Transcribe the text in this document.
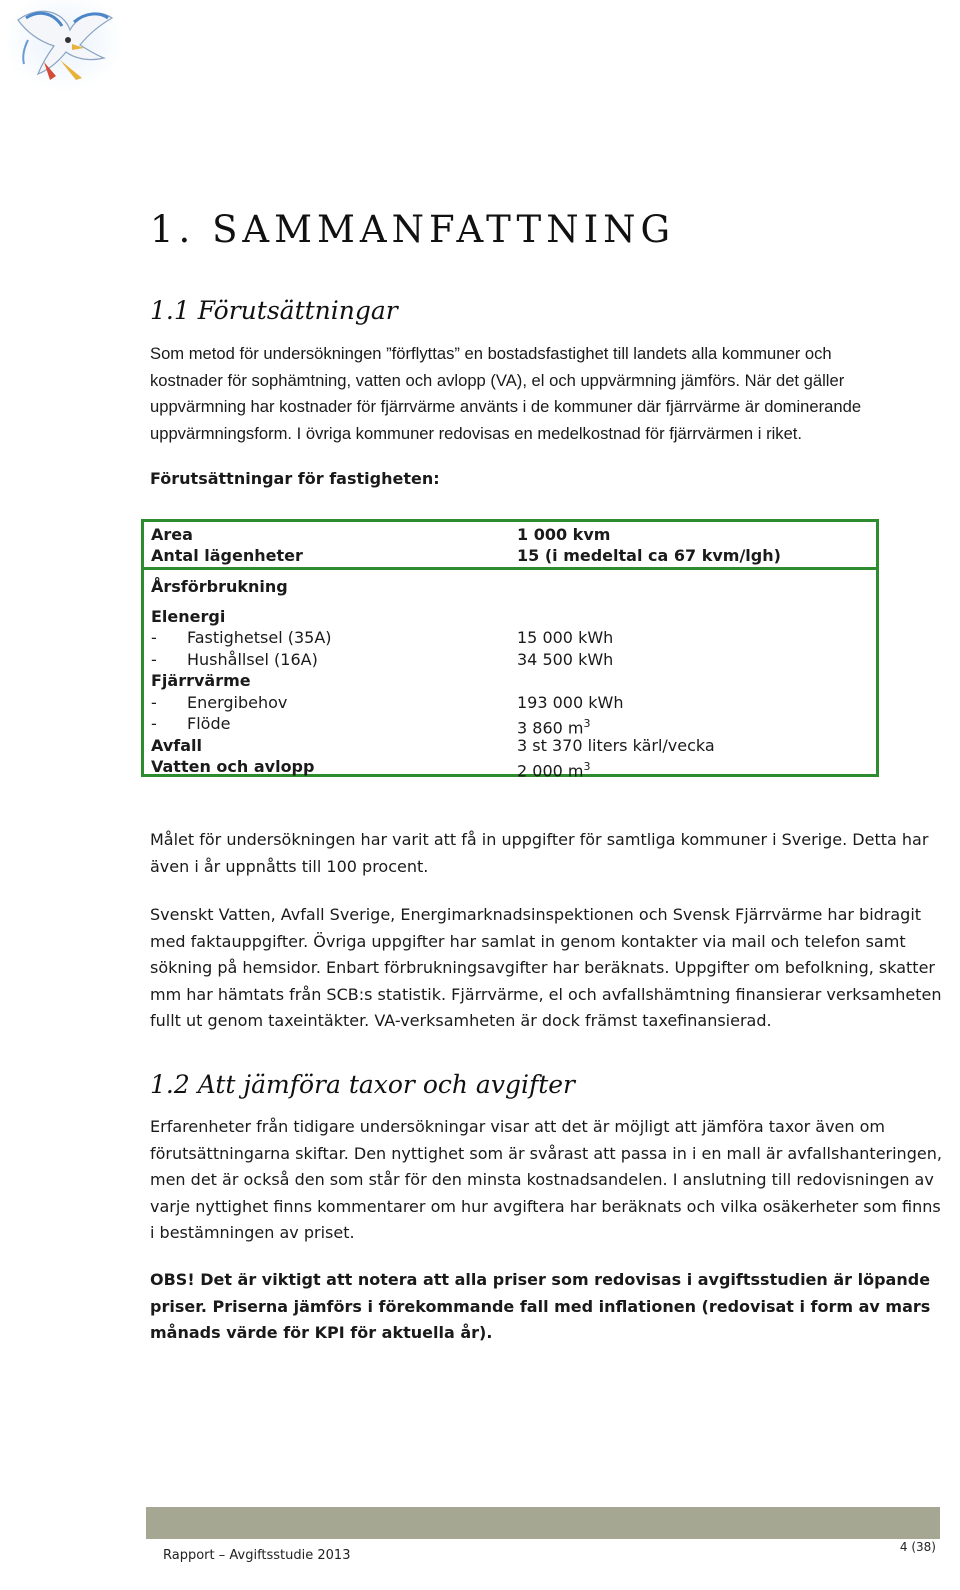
1. SAMMANFATTNING
1.1 Förutsättningar
Som metod för undersökningen ”förflyttas” en bostadsfastighet till landets alla kommuner och
kostnader för sophämtning, vatten och avlopp (VA), el och uppvärmning jämförs. När det gäller
uppvärmning har kostnader för fjärrvärme använts i de kommuner där fjärrvärme är dominerande
uppvärmningsform. I övriga kommuner redovisas en medelkostnad för fjärrvärmen i riket.

Förutsättningar för fastigheten:

Area	1 000 kvm
Antal lägenheter	15 (i medeltal ca 67 kvm/lgh)
Årsförbrukning
Elenergi
- Fastighetsel (35A)	15 000 kWh
- Hushållsel (16A)	34 500 kWh
Fjärrvärme
- Energibehov	193 000 kWh
- Flöde	3 860 $m^3$
Avfall	3 st 370 liters kärl/vecka
Vatten och avlopp	2 000 $m^3$
Målet för undersökningen har varit att få in uppgifter för samtliga kommuner i Sverige. Detta har
även i år uppnåtts till 100 procent.
Svenskt Vatten, Avfall Sverige, Energimarknadsinspektionen och Svensk Fjärrvärme har bidragit
med faktauppgifter. Övriga uppgifter har samlat in genom kontakter via mail och telefon samt
sökning på hemsidor. Enbart förbrukningsavgifter har beräknats. Uppgifter om befolkning, skatter
mm har hämtats från SCB:s statistik. Fjärrvärme, el och avfallshämtning finansierar verksamheten
fullt ut genom taxeintäkter. VA-verksamheten är dock främst taxefinansierad.
1.2 Att jämföra taxor och avgifter
Erfarenheter från tidigare undersökningar visar att det är möjligt att jämföra taxor även om
förutsättningarna skiftar. Den nyttighet som är svårast att passa in i en mall är avfallshanteringen,
men det är också den som står för den minsta kostnadsandelen. I anslutning till redovisningen av
varje nyttighet finns kommentarer om hur avgiftera har beräknats och vilka osäkerheter som finns
i bestämningen av priset.
OBS! Det är viktigt att notera att alla priser som redovisas i avgiftsstudien är löpande
priser. Priserna jämförs i förekommande fall med inflationen (redovisat i form av mars
månads värde för KPI för aktuella år).
Rapport – Avgiftsstudie 2013
4 (38)
